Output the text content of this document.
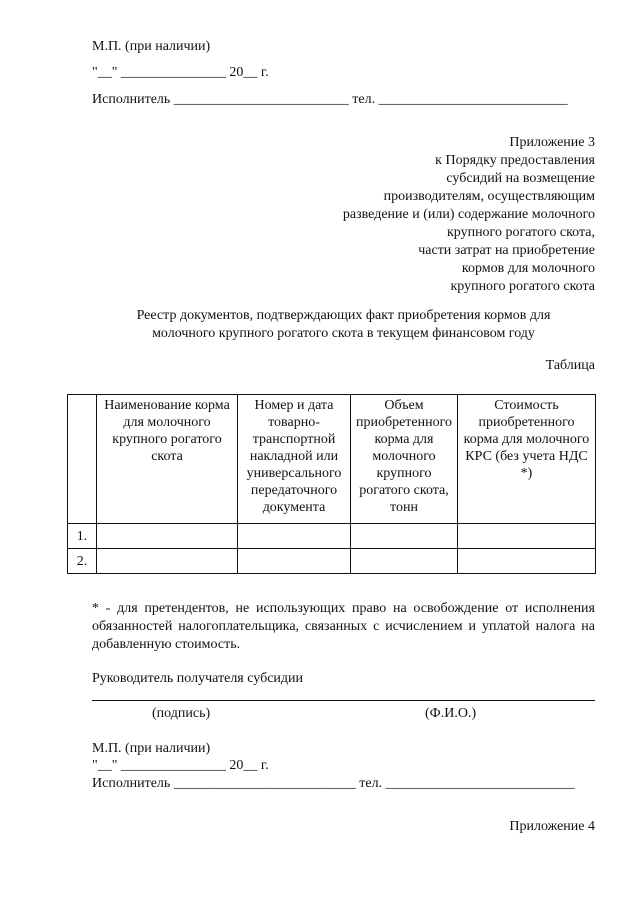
М.П. (при наличии)
"__" _______________ 20__ г.
Исполнитель _________________________ тел. ___________________________
Приложение 3
к Порядку предоставления
субсидий на возмещение
производителям, осуществляющим
разведение и (или) содержание молочного
крупного рогатого скота,
части затрат на приобретение
кормов для молочного
крупного рогатого скота
Реестр документов, подтверждающих факт приобретения кормов для
молочного крупного рогатого скота в текущем финансовом году
Таблица
	Наименование корма для молочного крупного рогатого скота	Номер и дата товарно-транспортной накладной или универсального передаточного документа	Объем приобретенного корма для молочного крупного рогатого скота, тонн	Стоимость приобретенного корма для молочного КРС (без учета НДС *)
1.				
2.				
* - для претендентов, не использующих право на освобождение от исполнения обязанностей налогоплательщика, связанных с исчислением и уплатой налога на добавленную стоимость.
Руководитель получателя субсидии
(подпись)	(Ф.И.О.)
М.П. (при наличии)
"__" _______________ 20__ г.
Исполнитель __________________________ тел. ___________________________
Приложение 4
